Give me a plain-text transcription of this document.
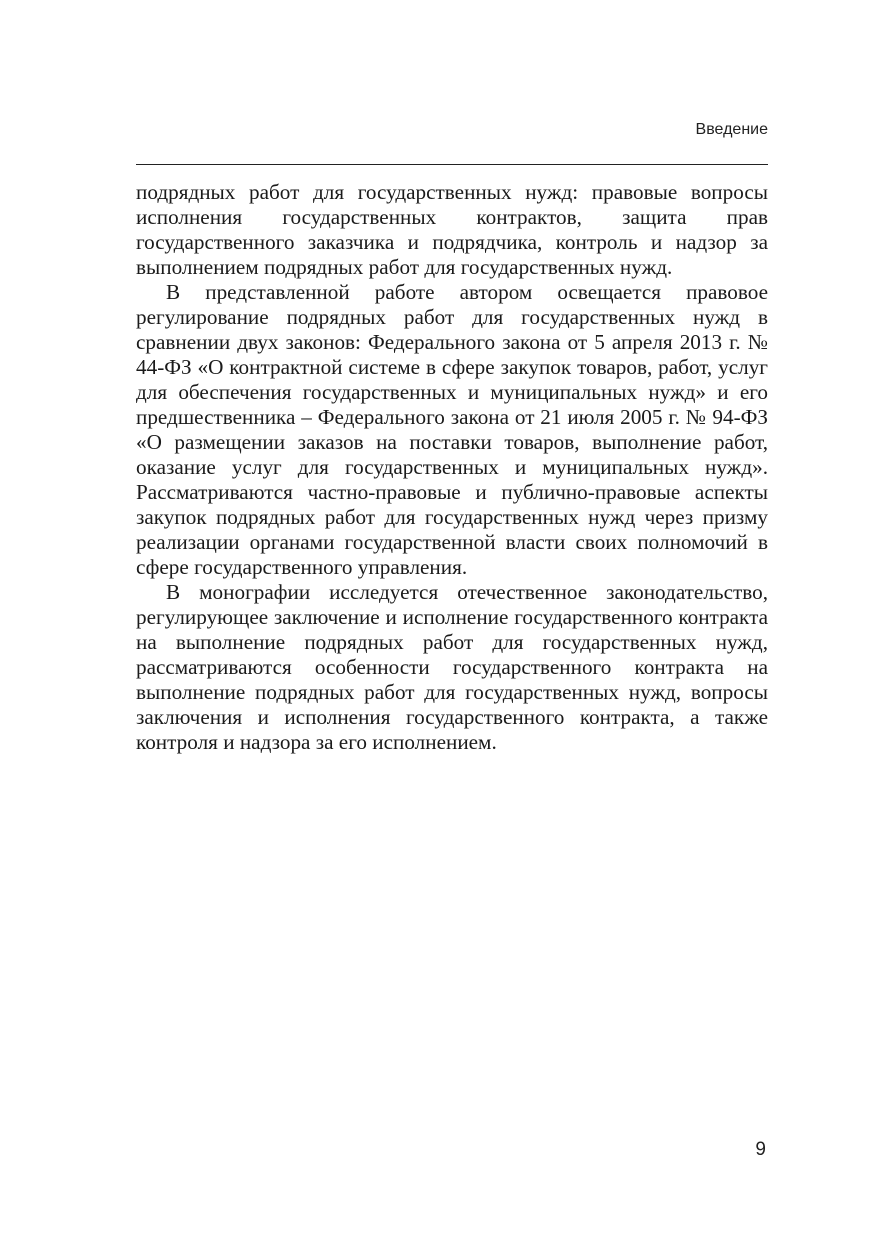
Введение

подрядных работ для государственных нужд: правовые вопросы исполнения государственных контрактов, защита прав государственного заказчика и подрядчика, контроль и надзор за выполнением подрядных работ для государственных нужд.

В представленной работе автором освещается правовое регулирование подрядных работ для государственных нужд в сравнении двух законов: Федерального закона от 5 апреля 2013 г. № 44-ФЗ «О контрактной системе в сфере закупок товаров, работ, услуг для обеспечения государственных и муниципальных нужд» и его предшественника – Федерального закона от 21 июля 2005 г. № 94-ФЗ «О размещении заказов на поставки товаров, выполнение работ, оказание услуг для государственных и муниципальных нужд». Рассматриваются частно-правовые и публично-правовые аспекты закупок подрядных работ для государственных нужд через призму реализации органами государственной власти своих полномочий в сфере государственного управления.

В монографии исследуется отечественное законодательство, регулирующее заключение и исполнение государственного контракта на выполнение подрядных работ для государственных нужд, рассматриваются особенности государственного контракта на выполнение подрядных работ для государственных нужд, вопросы заключения и исполнения государственного контракта, а также контроля и надзора за его исполнением.

9
